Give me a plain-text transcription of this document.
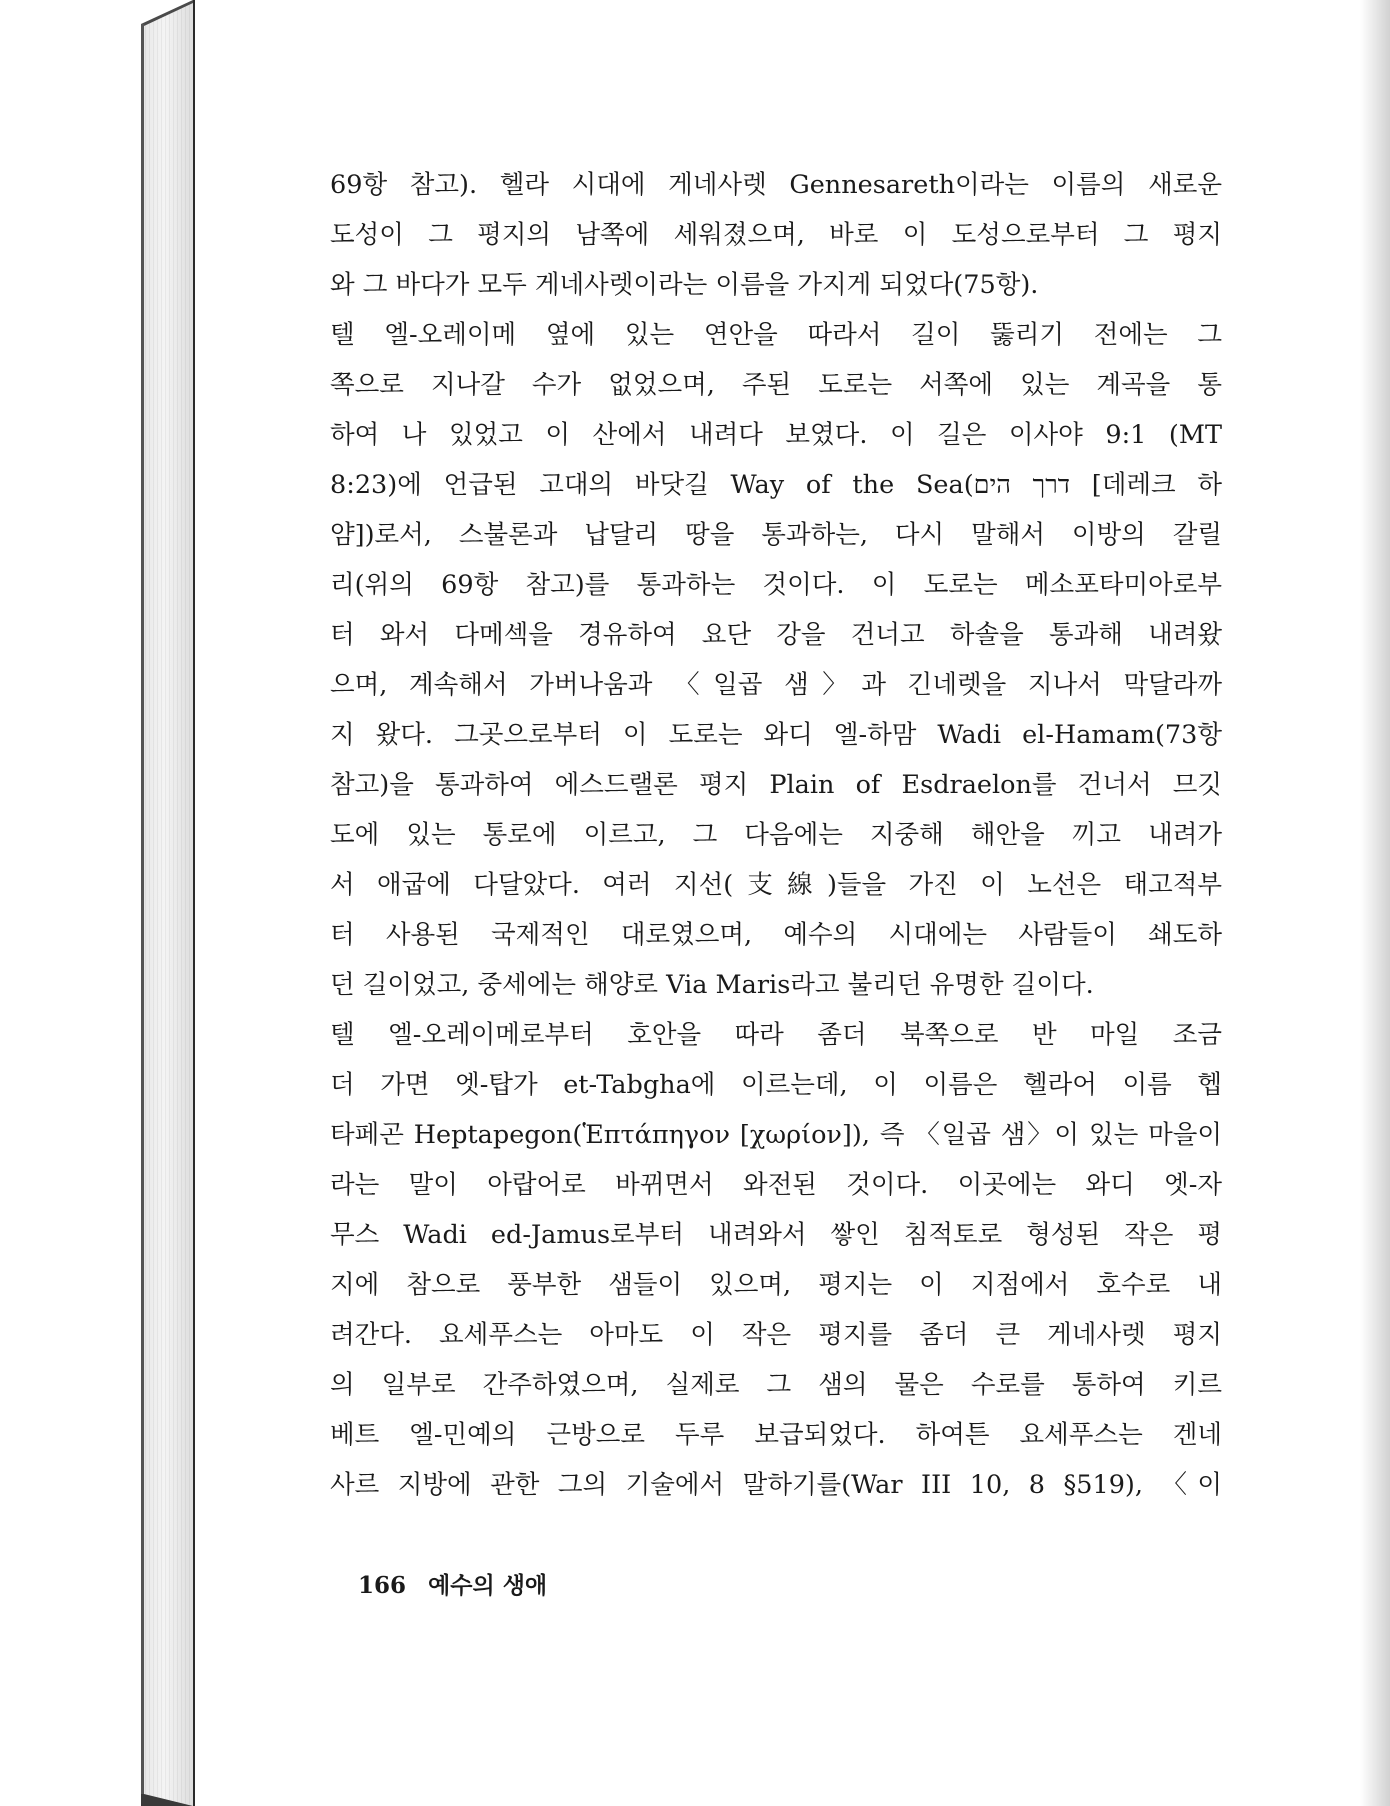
69항 참고). 헬라 시대에 게네사렛 Gennesareth이라는 이름의 새로운
도성이 그 평지의 남쪽에 세워졌으며, 바로 이 도성으로부터 그 평지
와 그 바다가 모두 게네사렛이라는 이름을 가지게 되었다(75항).
텔 엘-오레이메 옆에 있는 연안을 따라서 길이 뚫리기 전에는 그
쪽으로 지나갈 수가 없었으며, 주된 도로는 서쪽에 있는 계곡을 통
하여 나 있었고 이 산에서 내려다 보였다. 이 길은 이사야 9:1 (MT
8:23)에 언급된 고대의 바닷길 Way of the Sea(דרך הים [데레크 하
얌])로서, 스불론과 납달리 땅을 통과하는, 다시 말해서 이방의 갈릴
리(위의 69항 참고)를 통과하는 것이다. 이 도로는 메소포타미아로부
터 와서 다메섹을 경유하여 요단 강을 건너고 하솔을 통과해 내려왔
으며, 계속해서 가버나움과 〈일곱 샘〉과 긴네렛을 지나서 막달라까
지 왔다. 그곳으로부터 이 도로는 와디 엘-하맘 Wadi el-Hamam(73항
참고)을 통과하여 에스드랠론 평지 Plain of Esdraelon를 건너서 므깃
도에 있는 통로에 이르고, 그 다음에는 지중해 해안을 끼고 내려가
서 애굽에 다달았다. 여러 지선(支線)들을 가진 이 노선은 태고적부
터 사용된 국제적인 대로였으며, 예수의 시대에는 사람들이 쇄도하
던 길이었고, 중세에는 해양로 Via Maris라고 불리던 유명한 길이다.
텔 엘-오레이메로부터 호안을 따라 좀더 북쪽으로 반 마일 조금
더 가면 엣-탑가 et-Tabgha에 이르는데, 이 이름은 헬라어 이름 헵
타페곤 Heptapegon(Ἑπτάπηγον [χωρίον]), 즉 〈일곱 샘〉이 있는 마을이
라는 말이 아랍어로 바뀌면서 와전된 것이다. 이곳에는 와디 엣-자
무스 Wadi ed-Jamus로부터 내려와서 쌓인 침적토로 형성된 작은 평
지에 참으로 풍부한 샘들이 있으며, 평지는 이 지점에서 호수로 내
려간다. 요세푸스는 아마도 이 작은 평지를 좀더 큰 게네사렛 평지
의 일부로 간주하였으며, 실제로 그 샘의 물은 수로를 통하여 키르
베트 엘-민예의 근방으로 두루 보급되었다. 하여튼 요세푸스는 겐네
사르 지방에 관한 그의 기술에서 말하기를(War III 10, 8 §519), 〈이
166 예수의 생애
